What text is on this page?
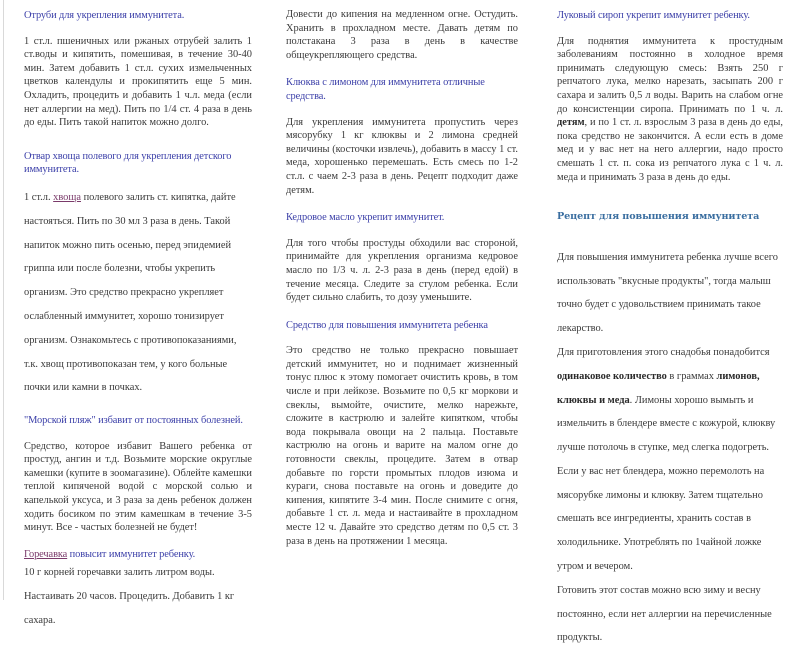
Отруби для укрепления иммунитета.

1 ст.л. пшеничных или ржаных отрубей залить 1 ст.воды и кипятить, помешивая, в течение 30-40 мин. Затем добавить 1 ст.л. сухих измельченных цветков календулы и прокипятить еще 5 мин. Охладить, процедить и добавить 1 ч.л. меда (если нет аллергии на мед). Пить по 1/4 ст. 4 раза в день до еды. Пить такой напиток можно долго.

Отвар хвоща полевого для укрепления детского иммунитета.

1 ст.л. хвоща полевого залить ст. кипятка, дайте настояться. Пить по 30 мл 3 раза в день. Такой напиток можно пить осенью, перед эпидемией гриппа или после болезни, чтобы укрепить организм. Это средство прекрасно укрепляет ослабленный иммунитет, хорошо тонизирует организм. Ознакомьтесь с противопоказаниями, т.к. хвощ противопоказан тем, у кого больные почки или камни в почках.

"Морской пляж" избавит от постоянных болезней.

Средство, которое избавит Вашего ребенка от простуд, ангин и т.д. Возьмите морские округлые камешки (купите в зоомагазине). Облейте камешки теплой кипяченой водой с морской солью и капелькой уксуса, и 3 раза за день ребенок должен ходить босиком по этим камешкам в течение 3-5 минут. Все - частых болезней не будет!

Горечавка повысит иммунитет ребенку.

10 г корней горечавки залить литром воды. Настаивать 20 часов. Процедить. Добавить 1 кг сахара.

Довести до кипения на медленном огне. Остудить. Хранить в прохладном месте. Давать детям по полстакана 3 раза в день в качестве общеукрепляющего средства.

Клюква с лимоном для иммунитета отличные средства.

Для укрепления иммунитета пропустить через мясорубку 1 кг клюквы и 2 лимона средней величины (косточки извлечь), добавить в массу 1 ст. меда, хорошенько перемешать. Есть смесь по 1-2 ст.л. с чаем 2-3 раза в день. Рецепт подходит даже детям.

Кедровое масло укрепит иммунитет.

Для того чтобы простуды обходили вас стороной, принимайте для укрепления организма кедровое масло по 1/3 ч. л. 2-3 раза в день (перед едой) в течение месяца. Следите за стулом ребенка. Если будет сильно слабить, то дозу уменьшите.

Средство для повышения иммунитета ребенка

Это средство не только прекрасно повышает детский иммунитет, но и поднимает жизненный тонус плюс к этому помогает очистить кровь, в том числе и при лейкозе. Возьмите по 0,5 кг моркови и свеклы, вымойте, очистите, мелко нарежьте, сложите в кастрюлю и залейте кипятком, чтобы вода покрывала овощи на 2 пальца. Поставьте кастрюлю на огонь и варите на малом огне до готовности свеклы, процедите. Затем в отвар добавьте по горсти промытых плодов изюма и кураги, снова поставьте на огонь и доведите до кипения, кипятите 3-4 мин. После снимите с огня, добавьте 1 ст. л. меда и настаивайте в прохладном месте 12 ч. Давайте это средство детям по 0,5 ст. 3 раза в день на протяжении 1 месяца.

Луковый сироп укрепит иммунитет ребенку.

Для поднятия иммунитета к простудным заболеваниям постоянно в холодное время принимать следующую смесь: Взять 250 г репчатого лука, мелко нарезать, засыпать 200 г сахара и залить 0,5 л воды. Варить на слабом огне до консистенции сиропа. Принимать по 1 ч. л. детям, и по 1 ст. л. взрослым 3 раза в день до еды, пока средство не закончится. А если есть в доме мед и у вас нет на него аллергии, надо просто смешать 1 ст. п. сока из репчатого лука с 1 ч. л. меда и принимать 3 раза в день до еды.

Рецепт для повышения иммунитета

Для повышения иммунитета ребенка лучше всего использовать "вкусные продукты", тогда малыш точно будет с удовольствием принимать такое лекарство.

Для приготовления этого снадобья понадобится одинаковое количество в граммах лимонов, клюквы и меда. Лимоны хорошо вымыть и измельчить в блендере вместе с кожурой, клюкву лучше потолочь в ступке, мед слегка подогреть. Если у вас нет блендера, можно перемолоть на мясорубке лимоны и клюкву. Затем тщательно смешать все ингредиенты, хранить состав в холодильнике. Употреблять по 1чайной ложке утром и вечером.

Готовить этот состав можно всю зиму и весну постоянно, если нет аллергии на перечисленные продукты.
